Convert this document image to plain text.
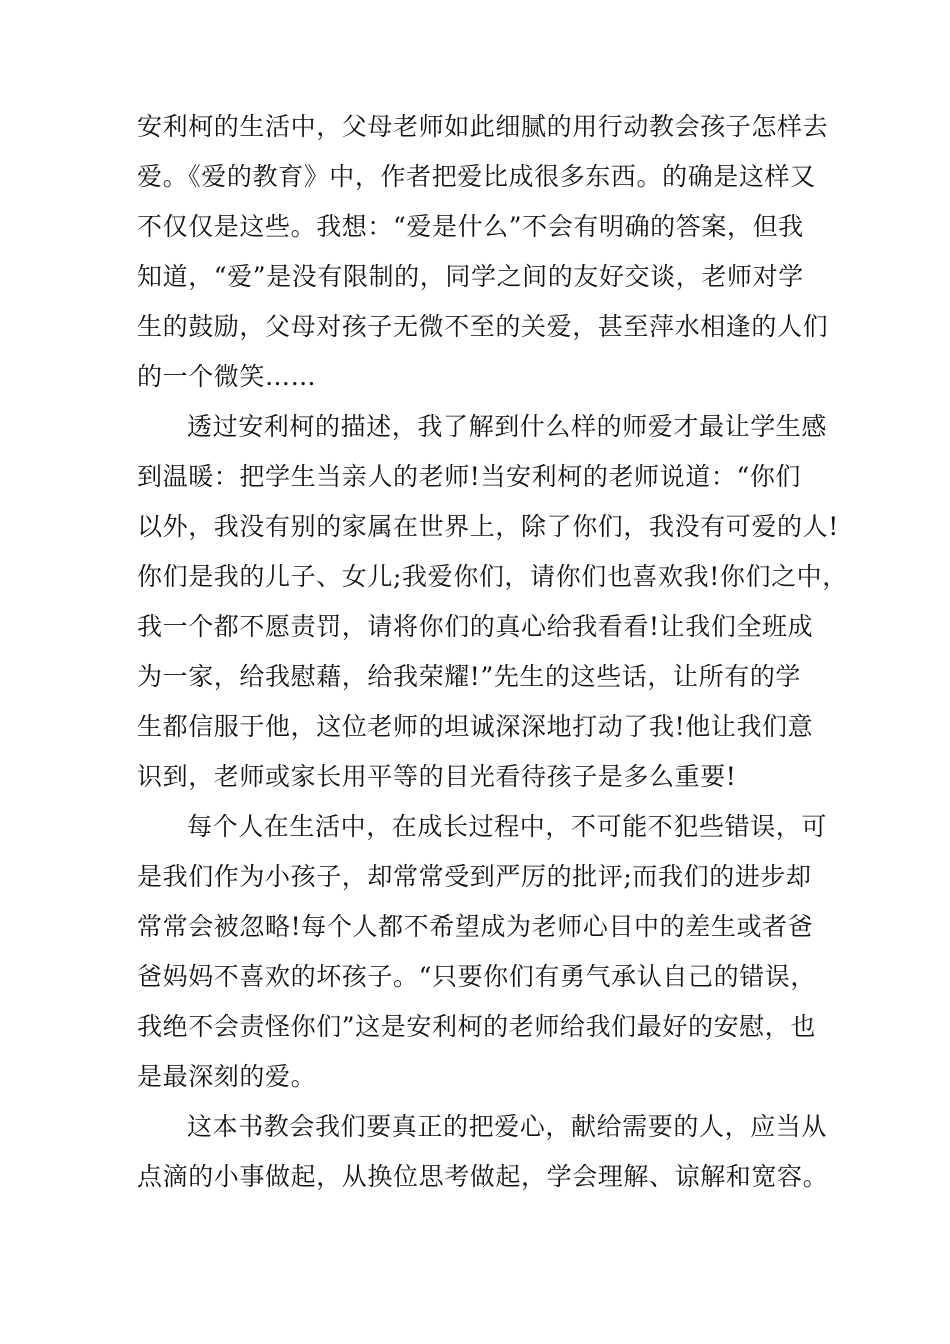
安利柯的生活中，父母老师如此细腻的用行动教会孩子怎样去
爱。《爱的教育》中，作者把爱比成很多东西。的确是这样又
不仅仅是这些。我想：“爱是什么”不会有明确的答案，但我
知道，“爱”是没有限制的，同学之间的友好交谈，老师对学
生的鼓励，父母对孩子无微不至的关爱，甚至萍水相逢的人们
的一个微笑……
透过安利柯的描述，我了解到什么样的师爱才最让学生感
到温暖：把学生当亲人的老师!当安利柯的老师说道：“你们
以外，我没有别的家属在世界上，除了你们，我没有可爱的人!
你们是我的儿子、女儿;我爱你们，请你们也喜欢我!你们之中，
我一个都不愿责罚，请将你们的真心给我看看!让我们全班成
为一家，给我慰藉，给我荣耀!”先生的这些话，让所有的学
生都信服于他，这位老师的坦诚深深地打动了我!他让我们意
识到，老师或家长用平等的目光看待孩子是多么重要!
每个人在生活中，在成长过程中，不可能不犯些错误，可
是我们作为小孩子，却常常受到严厉的批评;而我们的进步却
常常会被忽略!每个人都不希望成为老师心目中的差生或者爸
爸妈妈不喜欢的坏孩子。“只要你们有勇气承认自己的错误，
我绝不会责怪你们”这是安利柯的老师给我们最好的安慰，也
是最深刻的爱。
这本书教会我们要真正的把爱心，献给需要的人，应当从
点滴的小事做起，从换位思考做起，学会理解、谅解和宽容。
